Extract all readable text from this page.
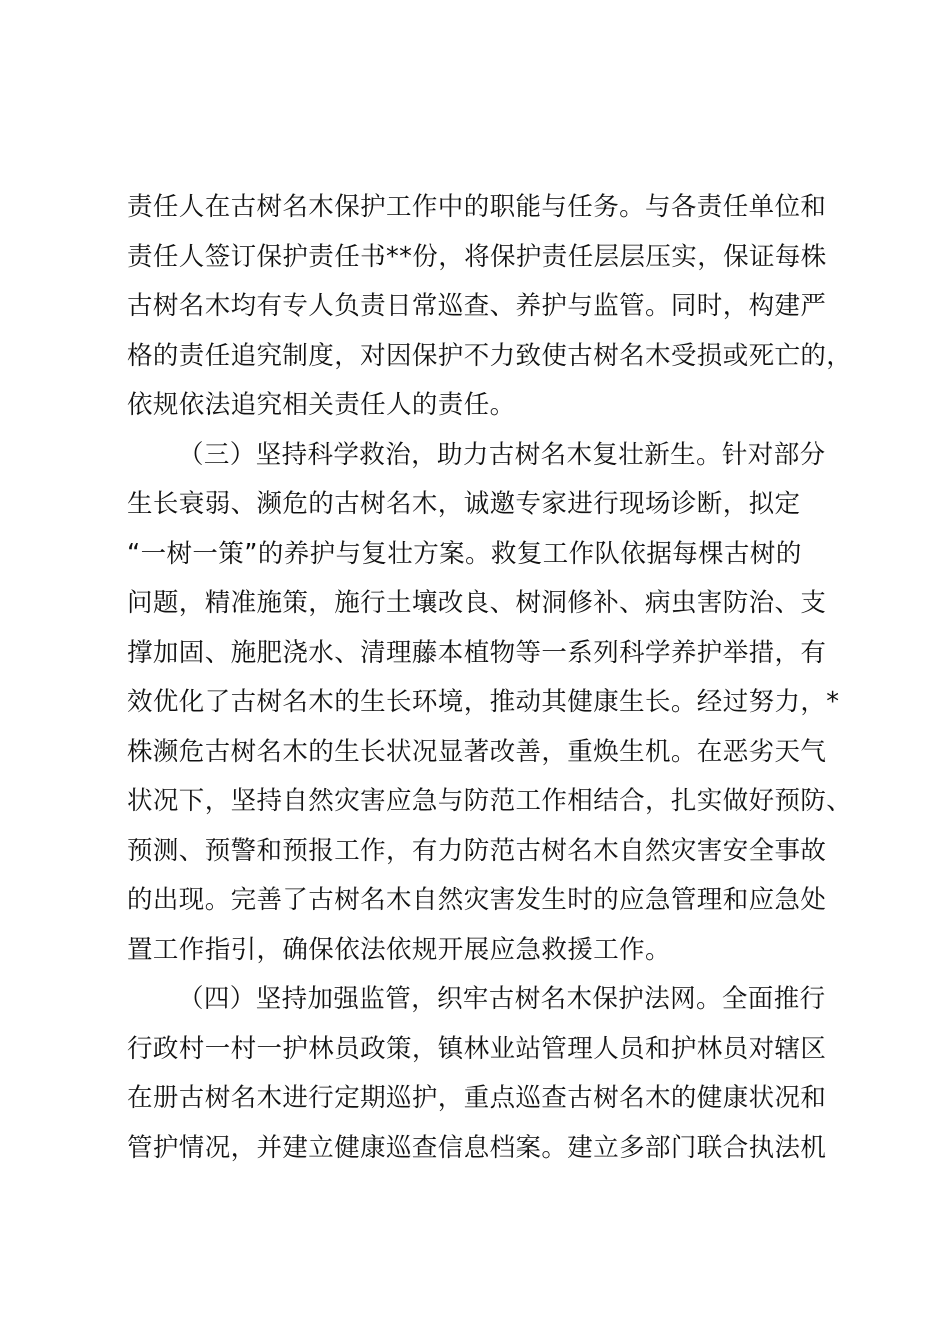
责任人在古树名木保护工作中的职能与任务。与各责任单位和
责任人签订保护责任书**份，将保护责任层层压实，保证每株
古树名木均有专人负责日常巡查、养护与监管。同时，构建严
格的责任追究制度，对因保护不力致使古树名木受损或死亡的，
依规依法追究相关责任人的责任。
（三）坚持科学救治，助力古树名木复壮新生。针对部分
生长衰弱、濒危的古树名木，诚邀专家进行现场诊断，拟定
“一树一策”的养护与复壮方案。救复工作队依据每棵古树的
问题，精准施策，施行土壤改良、树洞修补、病虫害防治、支
撑加固、施肥浇水、清理藤本植物等一系列科学养护举措，有
效优化了古树名木的生长环境，推动其健康生长。经过努力，*
株濒危古树名木的生长状况显著改善，重焕生机。在恶劣天气
状况下，坚持自然灾害应急与防范工作相结合，扎实做好预防、
预测、预警和预报工作，有力防范古树名木自然灾害安全事故
的出现。完善了古树名木自然灾害发生时的应急管理和应急处
置工作指引，确保依法依规开展应急救援工作。
（四）坚持加强监管，织牢古树名木保护法网。全面推行
行政村一村一护林员政策，镇林业站管理人员和护林员对辖区
在册古树名木进行定期巡护，重点巡查古树名木的健康状况和
管护情况，并建立健康巡查信息档案。建立多部门联合执法机
